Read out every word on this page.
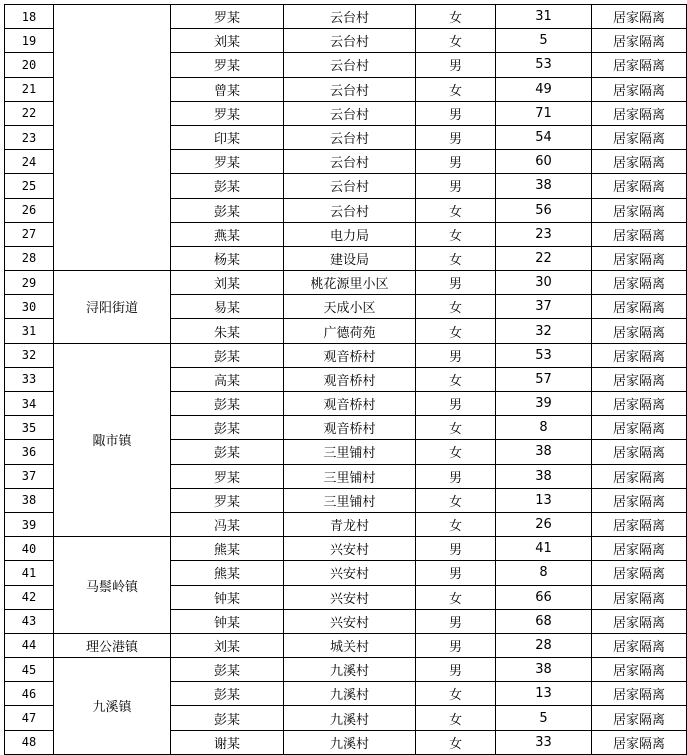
18		罗某	云台村	女	31	居家隔离
19		刘某	云台村	女	5	居家隔离
20		罗某	云台村	男	53	居家隔离
21		曾某	云台村	女	49	居家隔离
22		罗某	云台村	男	71	居家隔离
23		印某	云台村	男	54	居家隔离
24		罗某	云台村	男	60	居家隔离
25		彭某	云台村	男	38	居家隔离
26		彭某	云台村	女	56	居家隔离
27		燕某	电力局	女	23	居家隔离
28		杨某	建设局	女	22	居家隔离
29	浔阳街道	刘某	桃花源里小区	男	30	居家隔离
30		易某	天成小区	女	37	居家隔离
31		朱某	广德荷苑	女	32	居家隔离
32	陬市镇	彭某	观音桥村	男	53	居家隔离
33		高某	观音桥村	女	57	居家隔离
34		彭某	观音桥村	男	39	居家隔离
35		彭某	观音桥村	女	8	居家隔离
36		彭某	三里铺村	女	38	居家隔离
37		罗某	三里铺村	男	38	居家隔离
38		罗某	三里铺村	女	13	居家隔离
39		冯某	青龙村	女	26	居家隔离
40	马鬃岭镇	熊某	兴安村	男	41	居家隔离
41		熊某	兴安村	男	8	居家隔离
42		钟某	兴安村	女	66	居家隔离
43		钟某	兴安村	男	68	居家隔离
44	理公港镇	刘某	城关村	男	28	居家隔离
45	九溪镇	彭某	九溪村	男	38	居家隔离
46		彭某	九溪村	女	13	居家隔离
47		彭某	九溪村	女	5	居家隔离
48		谢某	九溪村	女	33	居家隔离
